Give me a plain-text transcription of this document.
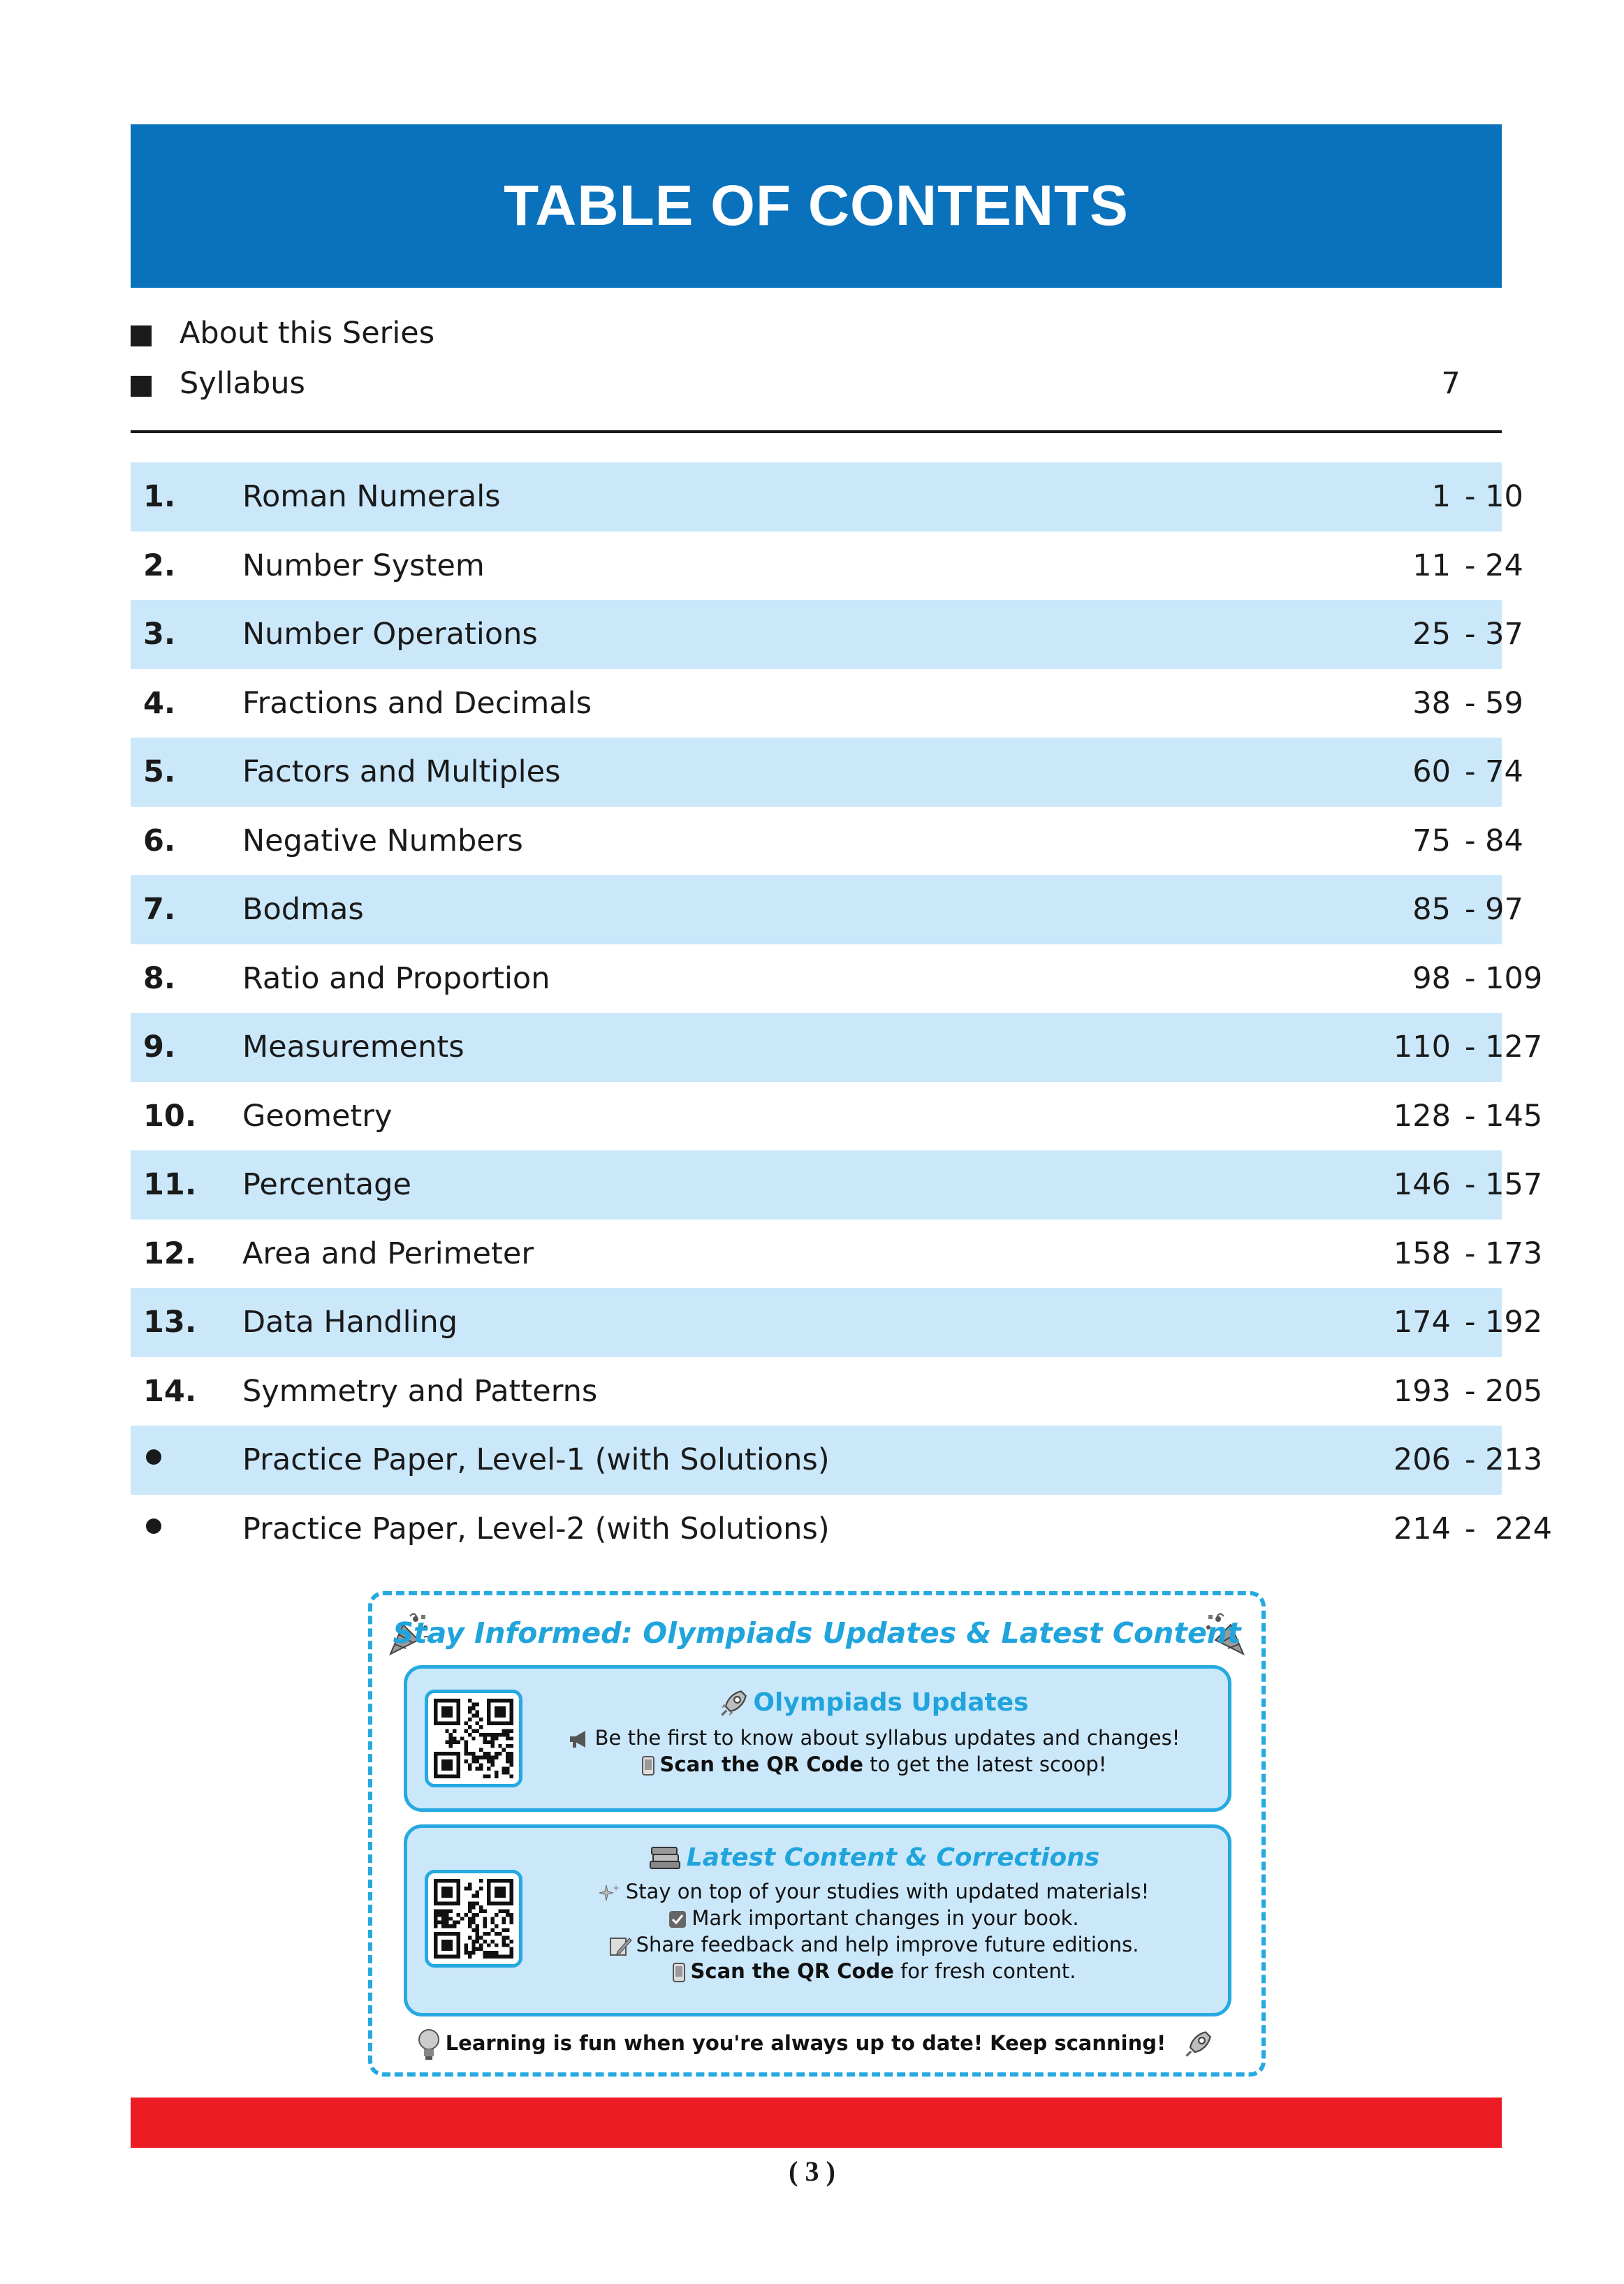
TABLE OF CONTENTS
About this Series
Syllabus	7
1. Roman Numerals	1 - 10
2. Number System	11 - 24
3. Number Operations	25 - 37
4. Fractions and Decimals	38 - 59
5. Factors and Multiples	60 - 74
6. Negative Numbers	75 - 84
7. Bodmas	85 - 97
8. Ratio and Proportion	98 - 109
9. Measurements	110 - 127
10. Geometry	128 - 145
11. Percentage	146 - 157
12. Area and Perimeter	158 - 173
13. Data Handling	174 - 192
14. Symmetry and Patterns	193 - 205
Practice Paper, Level-1 (with Solutions)	206 - 213
Practice Paper, Level-2 (with Solutions)	214 -  224
Stay Informed: Olympiads Updates & Latest Content
Olympiads Updates
Be the first to know about syllabus updates and changes!
Scan the QR Code to get the latest scoop!
Latest Content & Corrections
Stay on top of your studies with updated materials!
Mark important changes in your book.
Share feedback and help improve future editions.
Scan the QR Code for fresh content.
Learning is fun when you're always up to date! Keep scanning!
( 3 )
